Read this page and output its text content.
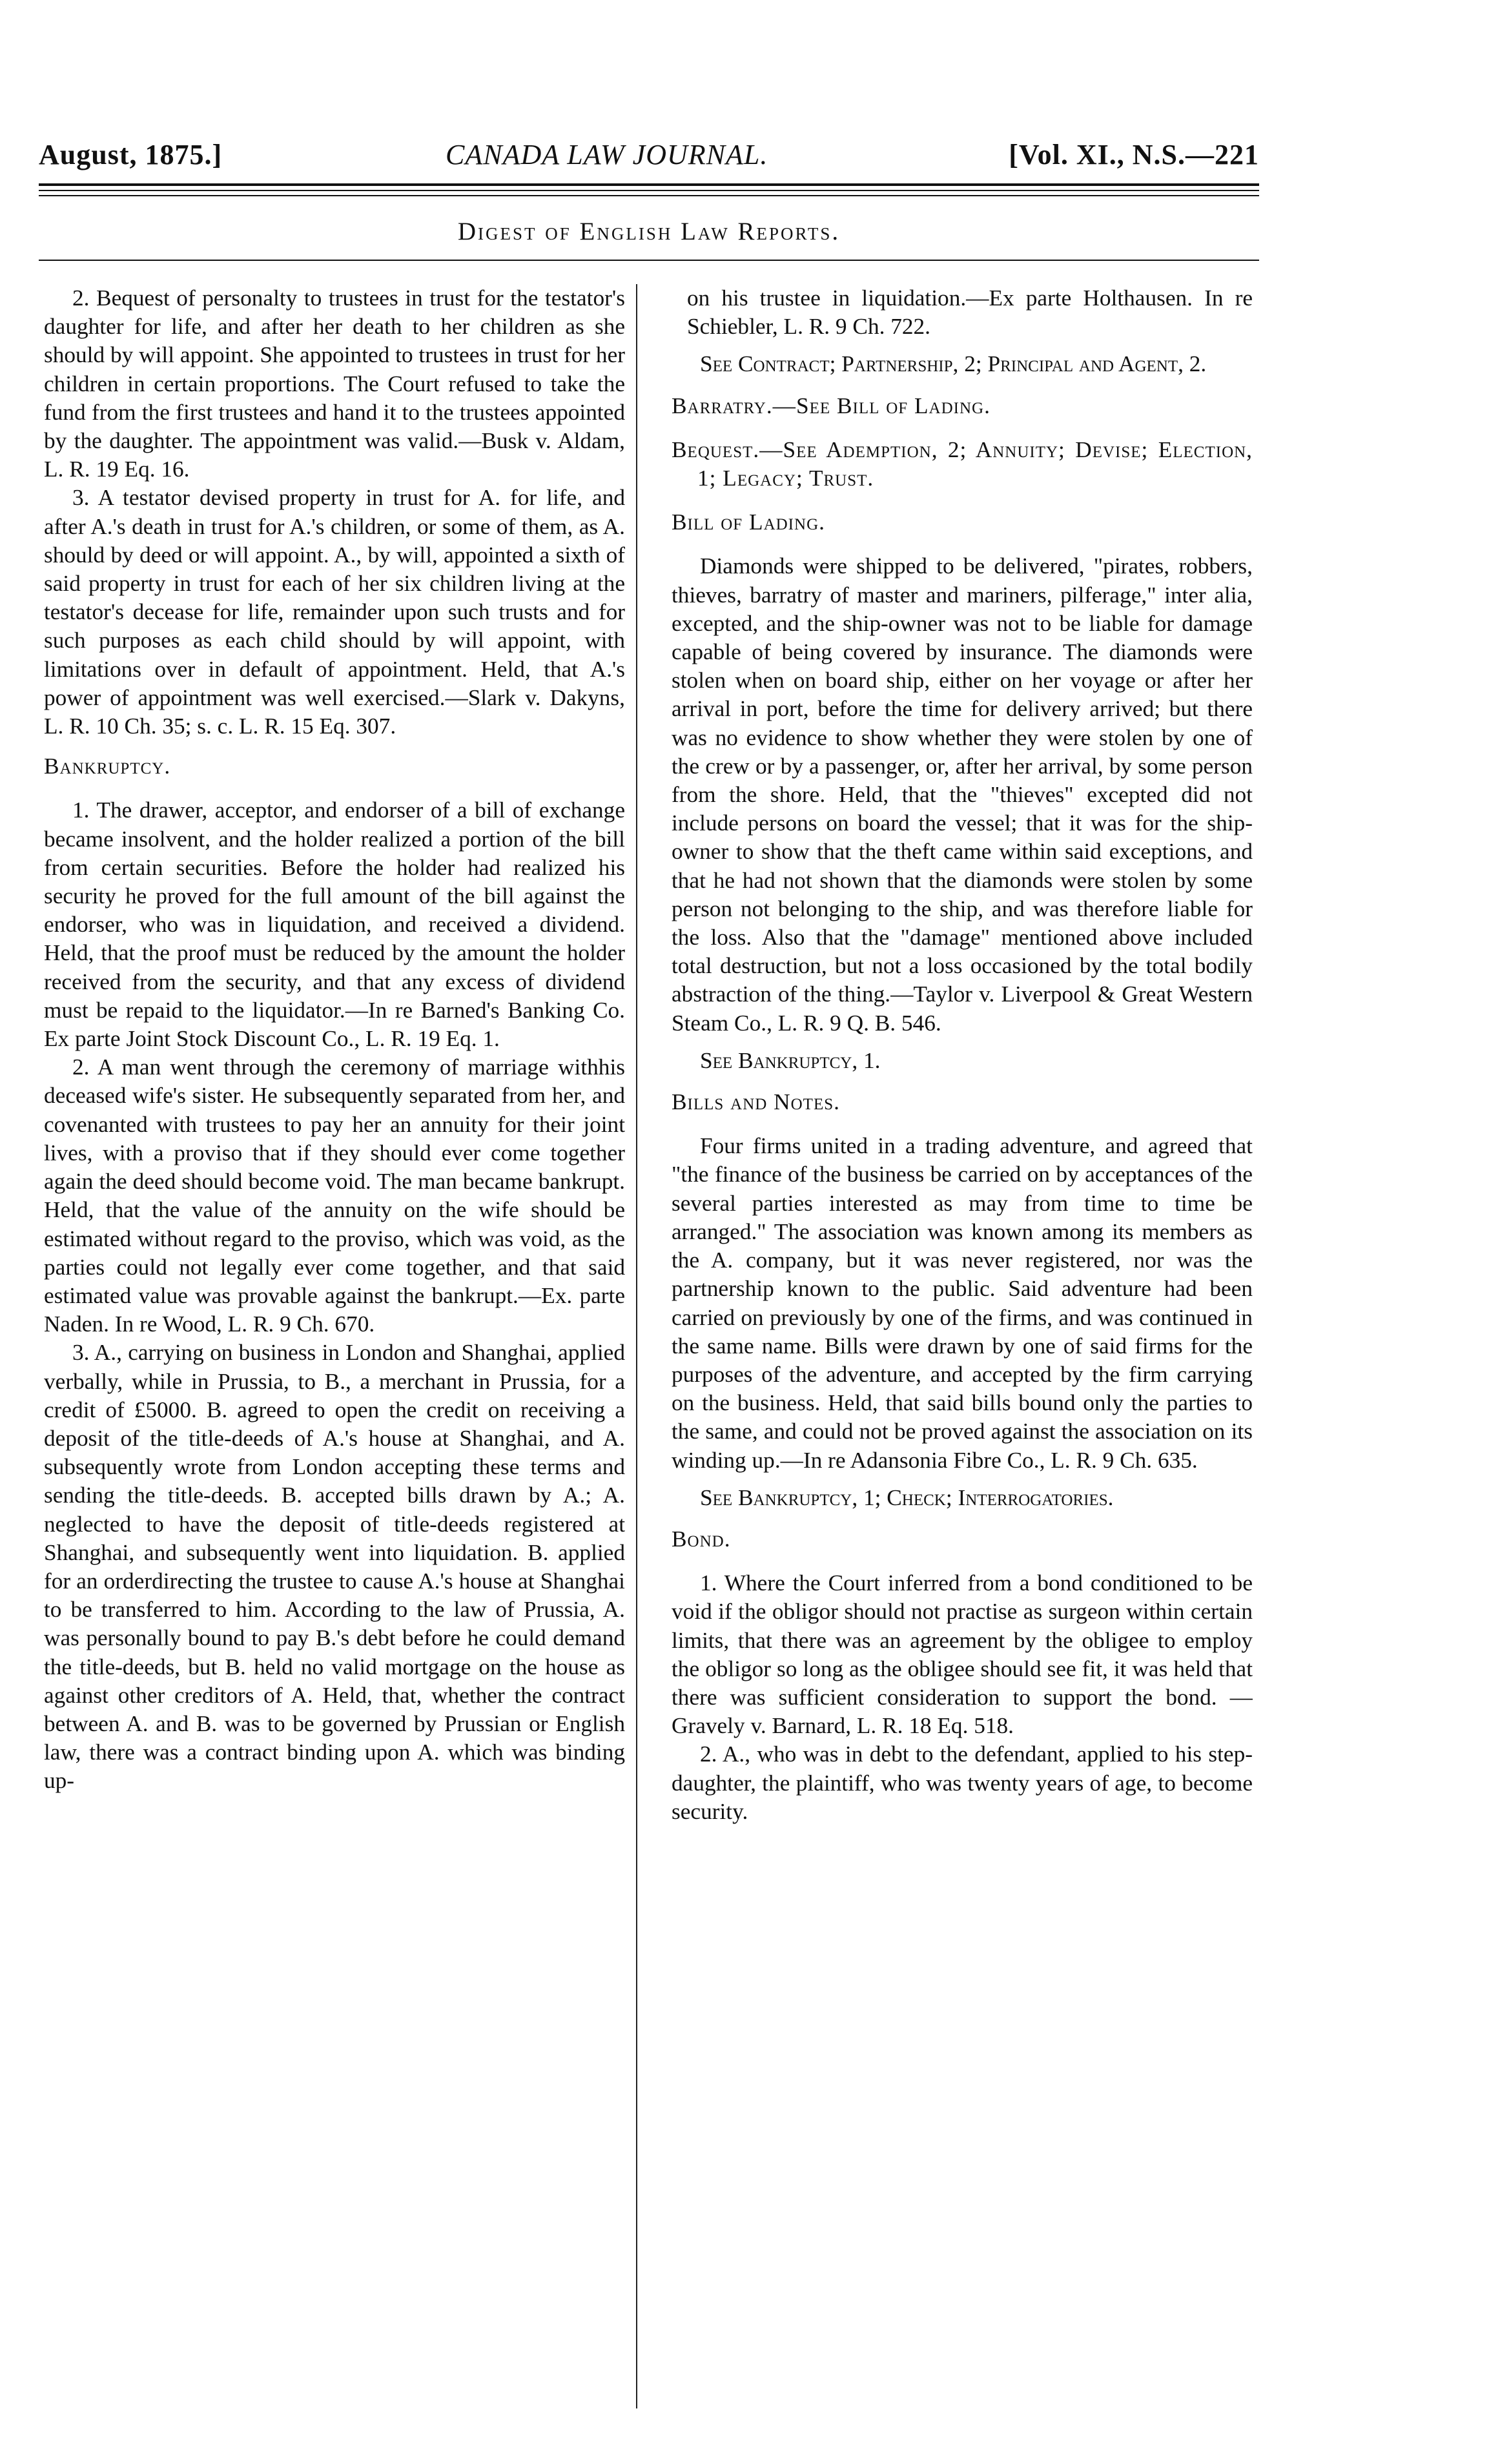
August, 1875.]	CANADA LAW JOURNAL.	[Vol. XI., N.S.—221
Digest of English Law Reports.

2. Bequest of personalty to trustees in trust for the testator's daughter for life, and after her death to her children as she should by will appoint. She appointed to trustees in trust for her children in certain proportions. The Court refused to take the fund from the first trustees and hand it to the trustees appointed by the daughter. The appointment was valid.—Busk v. Aldam, L. R. 19 Eq. 16.

3. A testator devised property in trust for A. for life, and after A.'s death in trust for A.'s children, or some of them, as A. should by deed or will appoint. A., by will, appointed a sixth of said property in trust for each of her six children living at the testator's decease for life, remainder upon such trusts and for such purposes as each child should by will appoint, with limitations over in default of appointment. Held, that A.'s power of appointment was well exercised.—Slark v. Dakyns, L. R. 10 Ch. 35; s. c. L. R. 15 Eq. 307.

Bankruptcy.

1. The drawer, acceptor, and endorser of a bill of exchange became insolvent, and the holder realized a portion of the bill from certain securities. Before the holder had realized his security he proved for the full amount of the bill against the endorser, who was in liquidation, and received a dividend. Held, that the proof must be reduced by the amount the holder received from the security, and that any excess of dividend must be repaid to the liquidator.—In re Barned's Banking Co. Ex parte Joint Stock Discount Co., L. R. 19 Eq. 1.

2. A man went through the ceremony of marriage withhis deceased wife's sister. He subsequently separated from her, and covenanted with trustees to pay her an annuity for their joint lives, with a proviso that if they should ever come together again the deed should become void. The man became bankrupt. Held, that the value of the annuity on the wife should be estimated without regard to the proviso, which was void, as the parties could not legally ever come together, and that said estimated value was provable against the bankrupt.—Ex. parte Naden. In re Wood, L. R. 9 Ch. 670.

3. A., carrying on business in London and Shanghai, applied verbally, while in Prussia, to B., a merchant in Prussia, for a credit of £5000. B. agreed to open the credit on receiving a deposit of the title-deeds of A.'s house at Shanghai, and A. subsequently wrote from London accepting these terms and sending the title-deeds. B. accepted bills drawn by A.; A. neglected to have the deposit of title-deeds registered at Shanghai, and subsequently went into liquidation. B. applied for an orderdirecting the trustee to cause A.'s house at Shanghai to be transferred to him. According to the law of Prussia, A. was personally bound to pay B.'s debt before he could demand the title-deeds, but B. held no valid mortgage on the house as against other creditors of A. Held, that, whether the contract between A. and B. was to be governed by Prussian or English law, there was a contract binding upon A. which was binding up-

on his trustee in liquidation.—Ex parte Holthausen. In re Schiebler, L. R. 9 Ch. 722.

See Contract; Partnership, 2; Principal and Agent, 2.

Barratry.—See Bill of Lading.

Bequest.—See Ademption, 2; Annuity; Devise; Election, 1; Legacy; Trust.

Bill of Lading.

Diamonds were shipped to be delivered, "pirates, robbers, thieves, barratry of master and mariners, pilferage," inter alia, excepted, and the ship-owner was not to be liable for damage capable of being covered by insurance. The diamonds were stolen when on board ship, either on her voyage or after her arrival in port, before the time for delivery arrived; but there was no evidence to show whether they were stolen by one of the crew or by a passenger, or, after her arrival, by some person from the shore. Held, that the "thieves" excepted did not include persons on board the vessel; that it was for the ship-owner to show that the theft came within said exceptions, and that he had not shown that the diamonds were stolen by some person not belonging to the ship, and was therefore liable for the loss. Also that the "damage" mentioned above included total destruction, but not a loss occasioned by the total bodily abstraction of the thing.—Taylor v. Liverpool & Great Western Steam Co., L. R. 9 Q. B. 546.

See Bankruptcy, 1.

Bills and Notes.

Four firms united in a trading adventure, and agreed that "the finance of the business be carried on by acceptances of the several parties interested as may from time to time be arranged." The association was known among its members as the A. company, but it was never registered, nor was the partnership known to the public. Said adventure had been carried on previously by one of the firms, and was continued in the same name. Bills were drawn by one of said firms for the purposes of the adventure, and accepted by the firm carrying on the business. Held, that said bills bound only the parties to the same, and could not be proved against the association on its winding up.—In re Adansonia Fibre Co., L. R. 9 Ch. 635.

See Bankruptcy, 1; Check; Interrogatories.

Bond.

1. Where the Court inferred from a bond conditioned to be void if the obligor should not practise as surgeon within certain limits, that there was an agreement by the obligee to employ the obligor so long as the obligee should see fit, it was held that there was sufficient consideration to support the bond. —Gravely v. Barnard, L. R. 18 Eq. 518.

2. A., who was in debt to the defendant, applied to his step-daughter, the plaintiff, who was twenty years of age, to become security.
